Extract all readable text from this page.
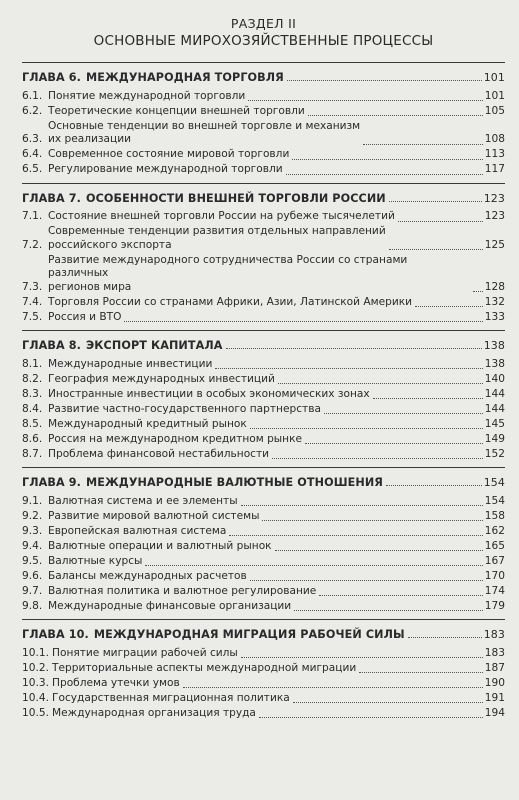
РАЗДЕЛ II
ОСНОВНЫЕ МИРОХОЗЯЙСТВЕННЫЕ ПРОЦЕССЫ
ГЛАВА 6. МЕЖДУНАРОДНАЯ ТОРГОВЛЯ	101
6.1. Понятие международной торговли	101
6.2. Теоретические концепции внешней торговли	105
6.3.
Основные тенденции во внешней торговле и механизм
их реализации	108
6.4. Современное состояние мировой торговли	113
6.5. Регулирование международной торговли	117
ГЛАВА 7. ОСОБЕННОСТИ ВНЕШНЕЙ ТОРГОВЛИ РОССИИ	123
7.1. Состояние внешней торговли России на рубеже тысячелетий	123
7.2.
Современные тенденции развития отдельных направлений
российского экспорта	125
7.3.
Развитие международного сотрудничества России со странами различных
регионов мира	128
7.4. Торговля России со странами Африки, Азии, Латинской Америки	132
7.5. Россия и ВТО	133
ГЛАВА 8. ЭКСПОРТ КАПИТАЛА	138
8.1. Международные инвестиции	138
8.2. География международных инвестиций	140
8.3. Иностранные инвестиции в особых экономических зонах	144
8.4. Развитие частно-государственного партнерства	144
8.5. Международный кредитный рынок	145
8.6. Россия на международном кредитном рынке	149
8.7. Проблема финансовой нестабильности	152
ГЛАВА 9. МЕЖДУНАРОДНЫЕ ВАЛЮТНЫЕ ОТНОШЕНИЯ	154
9.1. Валютная система и ее элементы	154
9.2. Развитие мировой валютной системы	158
9.3. Европейская валютная система	162
9.4. Валютные операции и валютный рынок	165
9.5. Валютные курсы	167
9.6. Балансы международных расчетов	170
9.7. Валютная политика и валютное регулирование	174
9.8. Международные финансовые организации	179
ГЛАВА 10. МЕЖДУНАРОДНАЯ МИГРАЦИЯ РАБОЧЕЙ СИЛЫ	183
10.1. Понятие миграции рабочей силы	183
10.2. Территориальные аспекты международной миграции	187
10.3. Проблема утечки умов	190
10.4. Государственная миграционная политика	191
10.5. Международная организация труда	194
